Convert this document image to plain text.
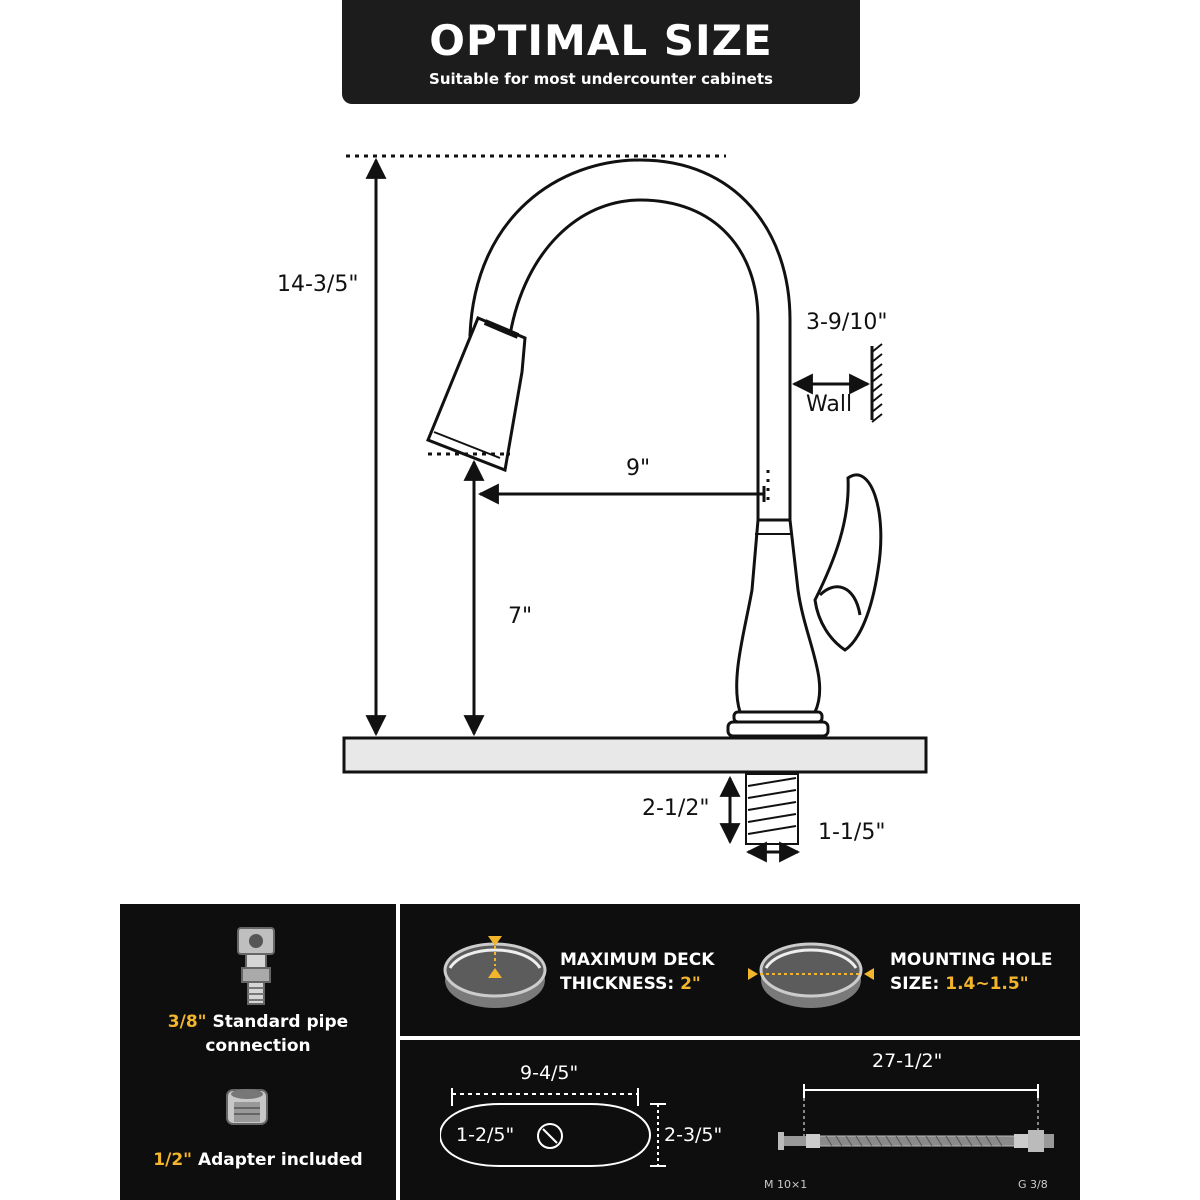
OPTIMAL SIZE
Suitable for most undercounter cabinets
14-3/5"
3-9/10"
Wall
9"
7"
2-1/2"
1-1/5"
3/8" Standard pipe
connection
1/2" Adapter included
MAXIMUM DECK
THICKNESS: 2"
MOUNTING HOLE
SIZE: 1.4~1.5"
9-4/5"
1-2/5"	2-3/5"
27-1/2"
M 10×1	G 3/8
